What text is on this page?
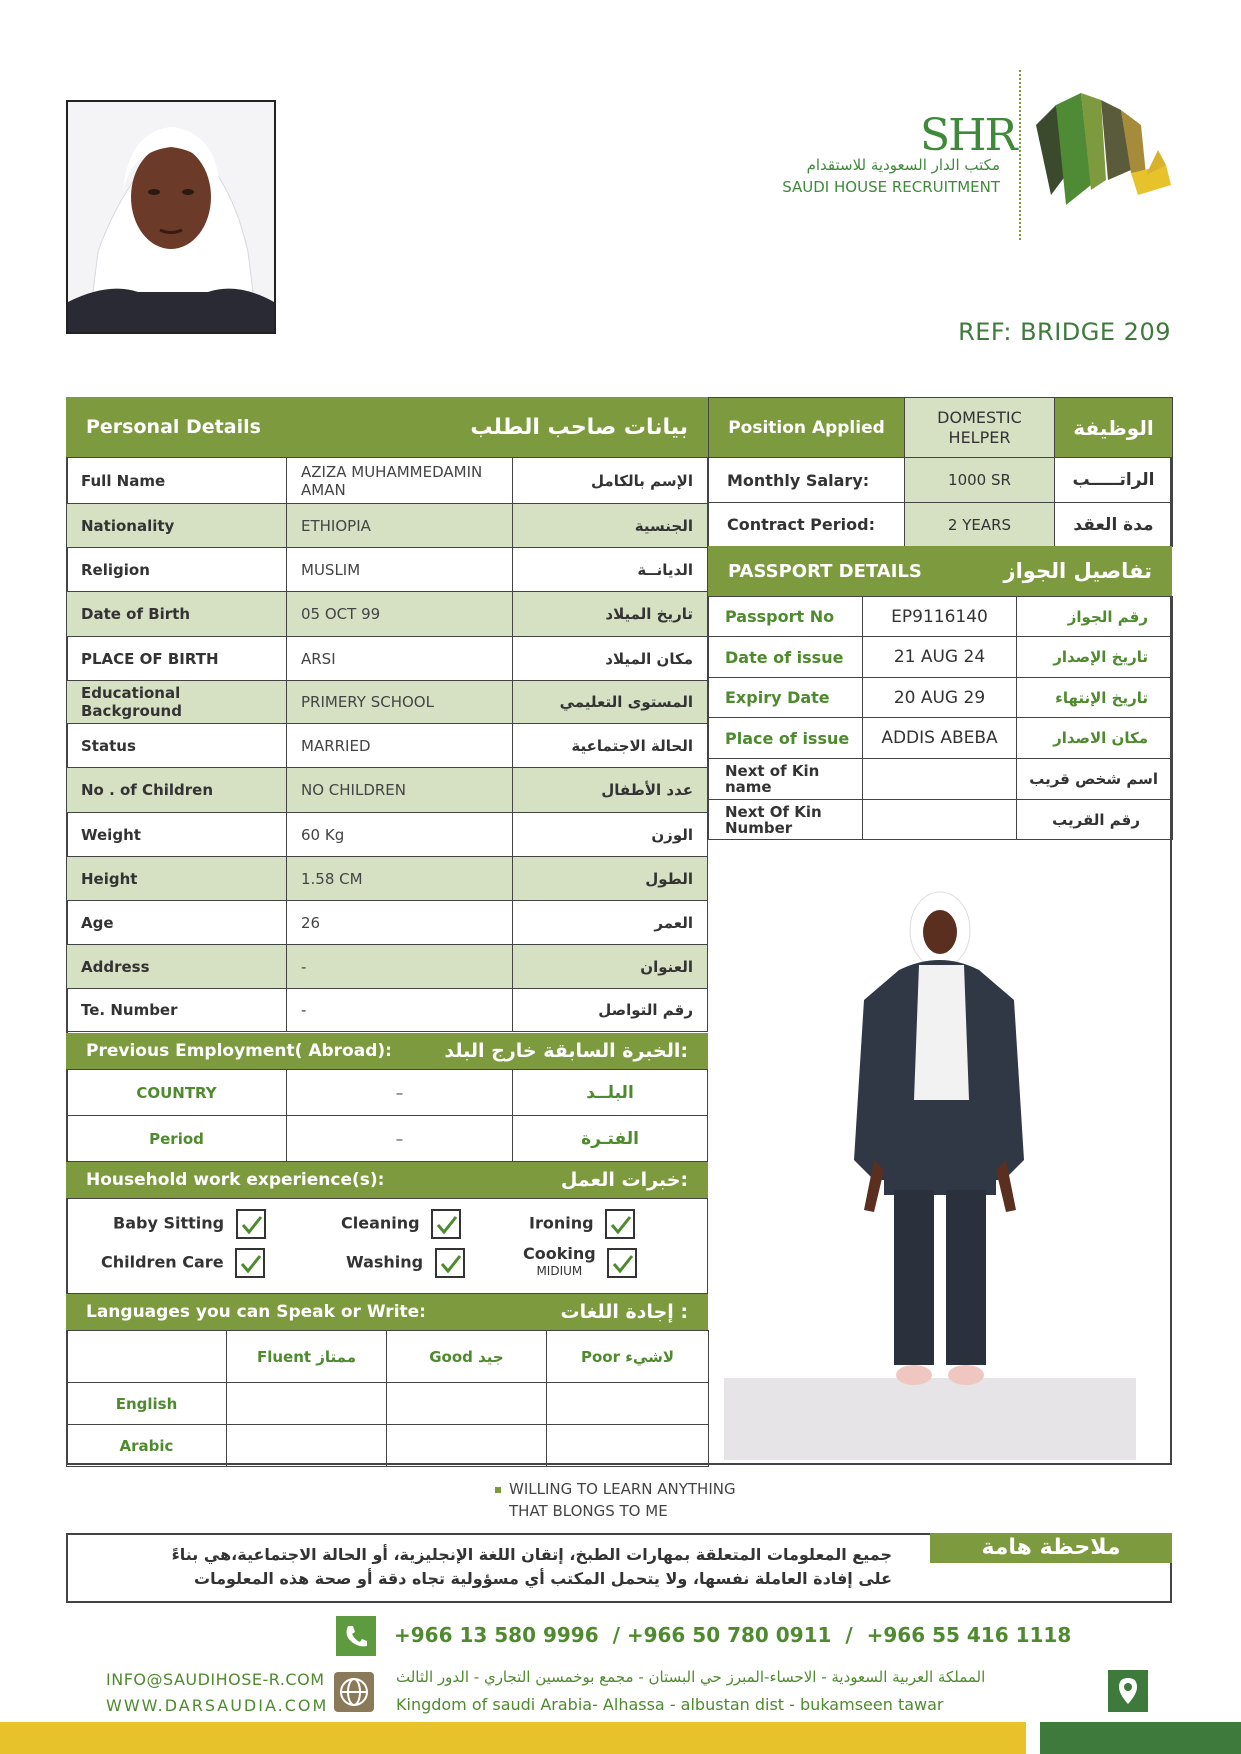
SHR
مكتب الدار السعودية للاستقدام
SAUDI HOUSE RECRUITMENT
REF: BRIDGE 209
Personal Details	بيانات صاحب الطلب
Full Name	AZIZA MUHAMMEDAMIN AMAN	الإسم بالكامل
Nationality	ETHIOPIA	الجنسية
Religion	MUSLIM	الديانــة
Date of Birth	05 OCT 99	تاريخ الميلاد
PLACE OF BIRTH	ARSI	مكان الميلاد
Educational Background	PRIMERY SCHOOL	المستوى التعليمي
Status	MARRIED	الحالة الاجتماعية
No . of Children	NO CHILDREN	عدد الأطفال
Weight	60 Kg	الوزن
Height	1.58 CM	الطول
Age	26	العمر
Address	-	العنوان
Te. Number	-	رقم التواصل
Previous Employment( Abroad):	الخبرة السابقة خارج البلد:
COUNTRY	–	البلــد
Period	–	الفتـرة
Household work experience(s):	خبرات العمل:
Baby Sitting	Cleaning	Ironing
Children Care	Washing	Cooking
MIDIUM
Languages you can Speak or Write:	إجادة اللغات :
	Fluent ممتاز	Good جيد	Poor لاشيء
English			
Arabic			
Position Applied	DOMESTIC HELPER	الوظيفة
Monthly Salary:	1000 SR	الراتـــــب
Contract Period:	2 YEARS	مدة العقد
PASSPORT DETAILS	تفاصيل الجواز
Passport No	EP9116140	رقم الجواز
Date of issue	21 AUG 24	تاريخ الإصدار
Expiry Date	20 AUG 29	تاريخ الإنتهاء
Place of issue	ADDIS ABEBA	مكان الاصدار
Next of Kin name		اسم شخص قريب
Next Of Kin Number		رقم القريب
WILLING TO LEARN ANYTHING THAT BLONGS TO ME
ملاحظة هامة
جميع المعلومات المتعلقة بمهارات الطبخ، إتقان اللغة الإنجليزية، أو الحالة الاجتماعية،هي بناءً
على إفادة العاملة نفسها، ولا يتحمل المكتب أي مسؤولية تجاه دقة أو صحة هذه المعلومات
+966 13 580 9996  / +966 50 780 0911  /  +966 55 416 1118
INFO@SAUDIHOSE-R.COM
WWW.DARSAUDIA.COM
المملكة العربية السعودية - الاحساء-المبرز حي البستان - مجمع بوخمسين التجاري - الدور الثالث
Kingdom of saudi Arabia- Alhassa - albustan dist - bukamseen tawar
